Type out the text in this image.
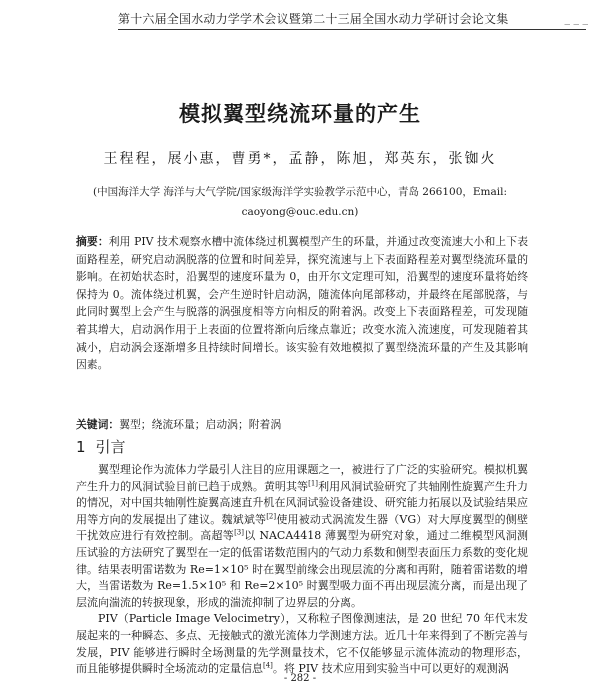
第十六届全国水动力学学术会议暨第二十三届全国水动力学研讨会论文集	_ _ _
模拟翼型绕流环量的产生
王程程，展小惠，曹勇*，孟静，陈旭，郑英东，张铷火
(中国海洋大学 海洋与大气学院/国家级海洋学实验教学示范中心，青岛 266100，Email:
caoyong@ouc.edu.cn)
摘要：利用 PIV 技术观察水槽中流体绕过机翼模型产生的环量，并通过改变流速大小和上下表面路程差，研究启动涡脱落的位置和时间差异，探究流速与上下表面路程差对翼型绕流环量的影响。在初始状态时，沿翼型的速度环量为 0，由开尔文定理可知，沿翼型的速度环量将始终保持为 0。流体绕过机翼，会产生逆时针启动涡，随流体向尾部移动，并最终在尾部脱落，与此同时翼型上会产生与脱落的涡强度相等方向相反的附着涡。改变上下表面路程差，可发现随着其增大，启动涡作用于上表面的位置将渐向后缘点靠近；改变水流入流速度，可发现随着其减小，启动涡会逐渐增多且持续时间增长。该实验有效地模拟了翼型绕流环量的产生及其影响因素。
关键词：翼型；绕流环量；启动涡；附着涡
1 引言

翼型理论作为流体力学最引人注目的应用课题之一，被进行了广泛的实验研究。模拟机翼产生升力的风洞试验目前已趋于成熟。黄明其等[1]利用风洞试验研究了共轴刚性旋翼产生升力的情况，对中国共轴刚性旋翼高速直升机在风洞试验设备建设、研究能力拓展以及试验结果应用等方向的发展提出了建议。魏斌斌等[2]使用被动式涡流发生器（VG）对大厚度翼型的侧壁干扰效应进行有效控制。高超等[3]以 NACA4418 薄翼型为研究对象，通过二维模型风洞测压试验的方法研究了翼型在一定的低雷诺数范围内的气动力系数和侧型表面压力系数的变化规律。结果表明雷诺数为 Re=1×10⁵ 时在翼型前缘会出现层流的分离和再附，随着雷诺数的增大，当雷诺数为 Re=1.5×10⁵ 和 Re=2×10⁵ 时翼型吸力面不再出现层流分离，而是出现了层流向湍流的转捩现象，形成的湍流抑制了边界层的分离。

PIV（Particle Image Velocimetry），又称粒子图像测速法，是 20 世纪 70 年代末发展起来的一种瞬态、多点、无接触式的激光流体力学测速方法。近几十年来得到了不断完善与发展，PIV 能够进行瞬时全场测量的先学测量技术，它不仅能够显示流体流动的物理形态，而且能够提供瞬时全场流动的定量信息[4]。将 PIV 技术应用到实验当中可以更好的观测涡

- 282 -
